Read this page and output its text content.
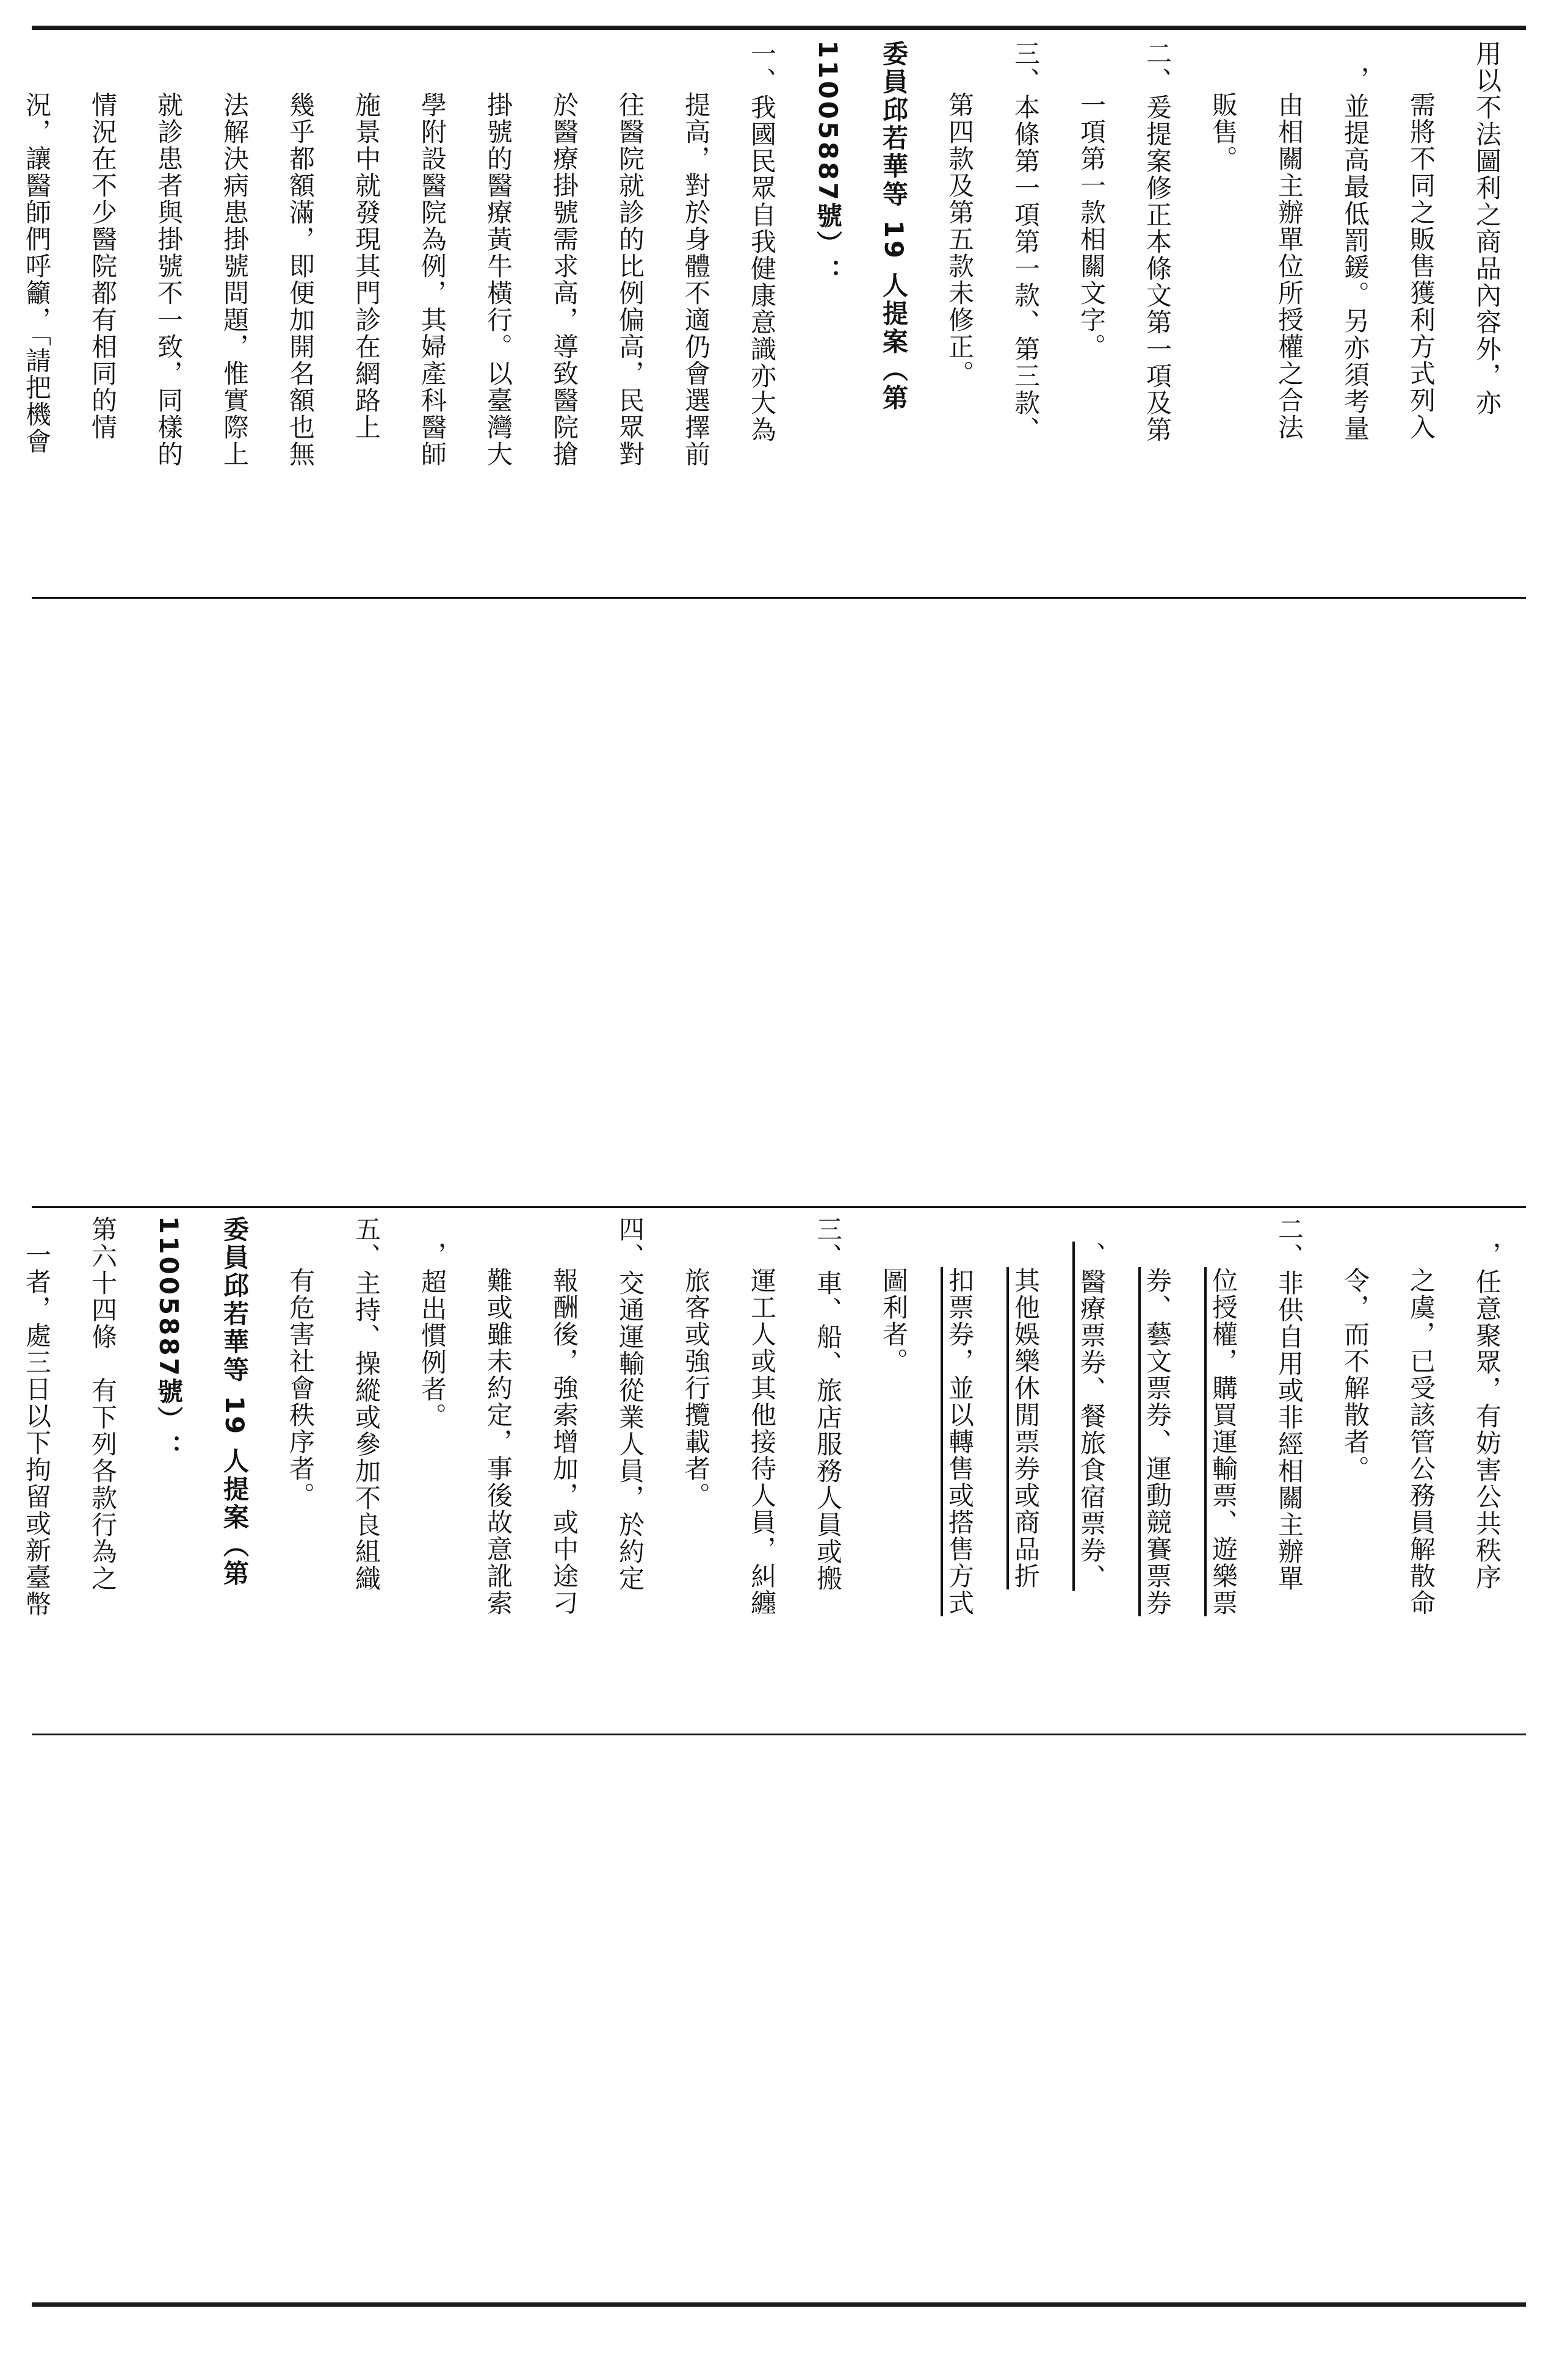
用以不法圖利之商品內容外，亦
需將不同之販售獲利方式列入
，並提高最低罰鍰。另亦須考量
由相關主辦單位所授權之合法
販售。
二、爰提案修正本條文第一項及第
一項第一款相關文字。
三、本條第一項第一款、第三款、
第四款及第五款未修正。
委員邱若華等 19 人提案（第
11005887號）：
一、我國民眾自我健康意識亦大為
提高，對於身體不適仍會選擇前
往醫院就診的比例偏高，民眾對
於醫療掛號需求高，導致醫院搶
掛號的醫療黃牛橫行。以臺灣大
學附設醫院為例，其婦產科醫師
施景中就發現其門診在網路上
幾乎都額滿，即便加開名額也無
法解決病患掛號問題，惟實際上
就診患者與掛號不一致，同樣的
情況在不少醫院都有相同的情
況，讓醫師們呼籲，「請把機會
，任意聚眾，有妨害公共秩序
之虞，已受該管公務員解散命
令，而不解散者。
二、非供自用或非經相關主辦單
位授權，購買運輸票、遊樂票
券、藝文票券、運動競賽票券
、醫療票券、餐旅食宿票券、
其他娛樂休閒票券或商品折
扣票券，並以轉售或搭售方式
圖利者。
三、車、船、旅店服務人員或搬
運工人或其他接待人員，糾纏
旅客或強行攬載者。
四、交通運輸從業人員，於約定
報酬後，強索增加，或中途刁
難或雖未約定，事後故意訛索
，超出慣例者。
五、主持、操縱或參加不良組織
有危害社會秩序者。
委員邱若華等 19 人提案（第
11005887號）：
第六十四條　有下列各款行為之
一者，處三日以下拘留或新臺幣
